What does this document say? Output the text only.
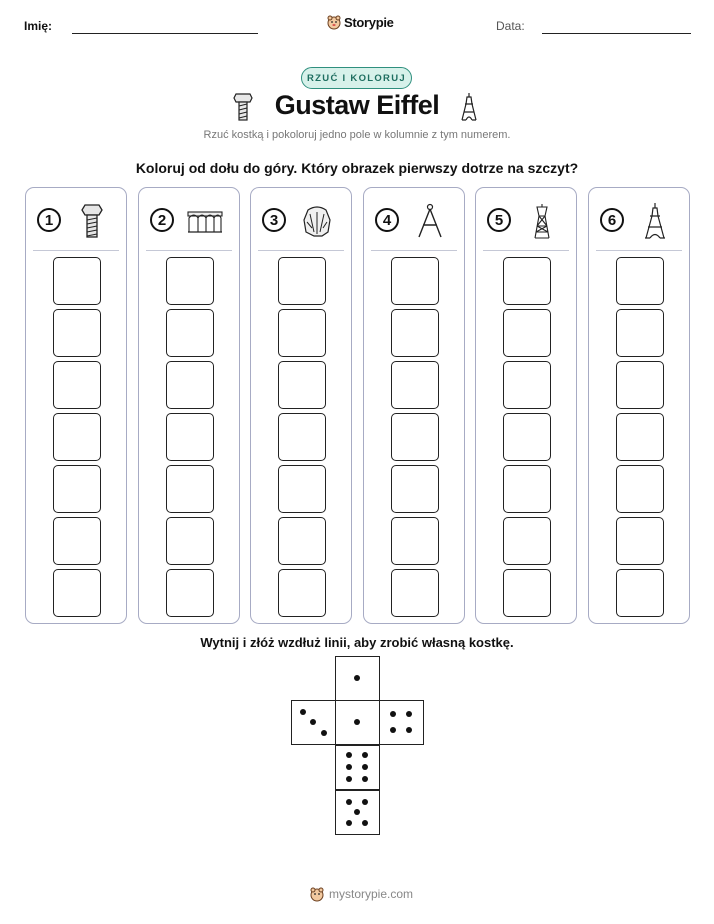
Imię:	Storypie	Data:
RZUĆ I KOLORUJ
Gustaw Eiffel
Rzuć kostką i pokoloruj jedno pole w kolumnie z tym numerem.
Koloruj od dołu do góry. Który obrazek pierwszy dotrze na szczyt?
1	2	3	4	5	6
Wytnij i złóż wzdłuż linii, aby zrobić własną kostkę.
mystorypie.com
